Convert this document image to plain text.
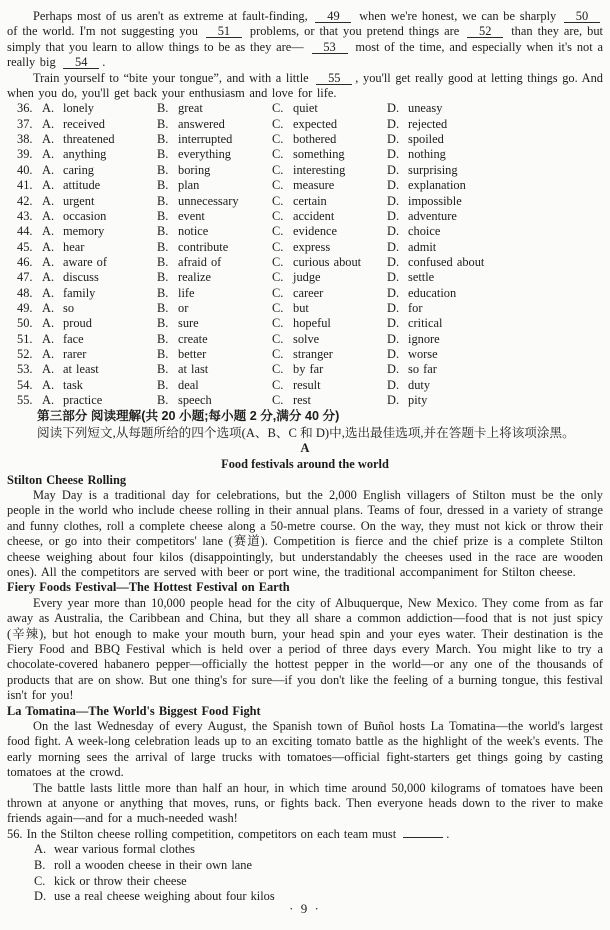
Perhaps most of us aren't as extreme at fault-finding, 49 when we're honest, we can be sharply 50 of the world. I'm not suggesting you 51 problems, or that you pretend things are 52 than they are, but simply that you learn to allow things to be as they are— 53 most of the time, and especially when it's not a really big 54 .

Train yourself to “bite your tongue”, and with a little 55 , you'll get really good at letting things go. And when you do, you'll get back your enthusiasm and love for life.

36. A. lonely	B. great	C. quiet	D. uneasy
37. A. received	B. answered	C. expected	D. rejected
38. A. threatened	B. interrupted	C. bothered	D. spoiled
39. A. anything	B. everything	C. something	D. nothing
40. A. caring	B. boring	C. interesting	D. surprising
41. A. attitude	B. plan	C. measure	D. explanation
42. A. urgent	B. unnecessary	C. certain	D. impossible
43. A. occasion	B. event	C. accident	D. adventure
44. A. memory	B. notice	C. evidence	D. choice
45. A. hear	B. contribute	C. express	D. admit
46. A. aware of	B. afraid of	C. curious about D. confused about
47. A. discuss	B. realize	C. judge	D. settle
48. A. family	B. life	C. career	D. education
49. A. so	B. or	C. but	D. for
50. A. proud	B. sure	C. hopeful	D. critical
51. A. face	B. create	C. solve	D. ignore
52. A. rarer	B. better	C. stranger	D. worse
53. A. at least	B. at last	C. by far	D. so far
54. A. task	B. deal	C. result	D. duty
55. A. practice	B. speech	C. rest	D. pity

第三部分 阅读理解(共 20 小题;每小题 2 分,满分 40 分)

阅读下列短文,从每题所给的四个选项(A、B、C 和 D)中,选出最佳选项,并在答题卡上将该项涂黑。

A

Food festivals around the world

Stilton Cheese Rolling

May Day is a traditional day for celebrations, but the 2,000 English villagers of Stilton must be the only people in the world who include cheese rolling in their annual plans. Teams of four, dressed in a variety of strange and funny clothes, roll a complete cheese along a 50-metre course. On the way, they must not kick or throw their cheese, or go into their competitors' lane (赛道). Competition is fierce and the chief prize is a complete Stilton cheese weighing about four kilos (disappointingly, but understandably the cheeses used in the race are wooden ones). All the competitors are served with beer or port wine, the traditional accompaniment for Stilton cheese.

Fiery Foods Festival—The Hottest Festival on Earth

Every year more than 10,000 people head for the city of Albuquerque, New Mexico. They come from as far away as Australia, the Caribbean and China, but they all share a common addiction—food that is not just spicy (辛辣), but hot enough to make your mouth burn, your head spin and your eyes water. Their destination is the Fiery Food and BBQ Festival which is held over a period of three days every March. You might like to try a chocolate-covered habanero pepper—officially the hottest pepper in the world—or any one of the thousands of products that are on show. But one thing's for sure—if you don't like the feeling of a burning tongue, this festival isn't for you!

La Tomatina—The World's Biggest Food Fight

On the last Wednesday of every August, the Spanish town of Buñol hosts La Tomatina—the world's largest food fight. A week-long celebration leads up to an exciting tomato battle as the highlight of the week's events. The early morning sees the arrival of large trucks with tomatoes—official fight-starters get things going by casting tomatoes at the crowd.

The battle lasts little more than half an hour, in which time around 50,000 kilograms of tomatoes have been thrown at anyone or anything that moves, runs, or fights back. Then everyone heads down to the river to make friends again—and for a much-needed wash!

56. In the Stilton cheese rolling competition, competitors on each team must	.

A. wear various formal clothes
B. roll a wooden cheese in their own lane
C. kick or throw their cheese
D. use a real cheese weighing about four kilos
· 9 ·
